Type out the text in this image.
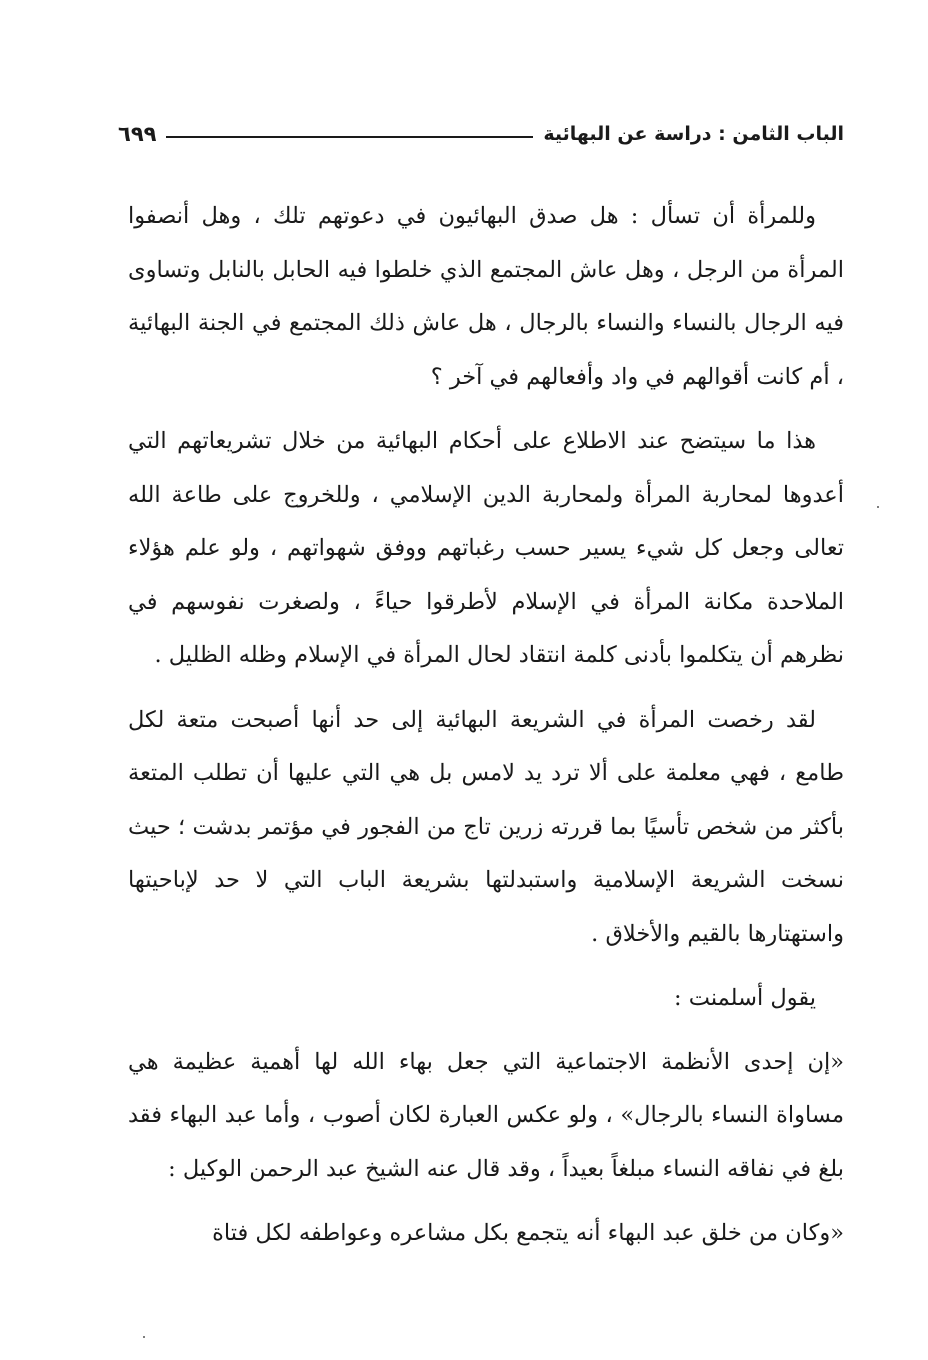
الباب الثامن : دراسة عن البهائية
٦٩٩

وللمرأة أن تسأل : هل صدق البهائيون في دعوتهم تلك ، وهل أنصفوا المرأة من الرجل ، وهل عاش المجتمع الذي خلطوا فيه الحابل بالنابل وتساوى فيه الرجال بالنساء والنساء بالرجال ، هل عاش ذلك المجتمع في الجنة البهائية ، أم كانت أقوالهم في واد وأفعالهم في آخر ؟

هذا ما سيتضح عند الاطلاع على أحكام البهائية من خلال تشريعاتهم التي أعدوها لمحاربة المرأة ولمحاربة الدين الإسلامي ، وللخروج على طاعة الله تعالى وجعل كل شيء يسير حسب رغباتهم ووفق شهواتهم ، ولو علم هؤلاء الملاحدة مكانة المرأة في الإسلام لأطرقوا حياءً ، ولصغرت نفوسهم في نظرهم أن يتكلموا بأدنى كلمة انتقاد لحال المرأة في الإسلام وظله الظليل .

لقد رخصت المرأة في الشريعة البهائية إلى حد أنها أصبحت متعة لكل طامع ، فهي معلمة على ألا ترد يد لامس بل هي التي عليها أن تطلب المتعة بأكثر من شخص تأسيًا بما قررته زرين تاج من الفجور في مؤتمر بدشت ؛ حيث نسخت الشريعة الإسلامية واستبدلتها بشريعة الباب التي لا حد لإباحيتها واستهتارها بالقيم والأخلاق .

يقول أسلمنت :

«إن إحدى الأنظمة الاجتماعية التي جعل بهاء الله لها أهمية عظيمة هي مساواة النساء بالرجال» ، ولو عكس العبارة لكان أصوب ، وأما عبد البهاء فقد بلغ في نفاقه النساء مبلغاً بعيداً ، وقد قال عنه الشيخ عبد الرحمن الوكيل :

«وكان من خلق عبد البهاء أنه يتجمع بكل مشاعره وعواطفه لكل فتاة
